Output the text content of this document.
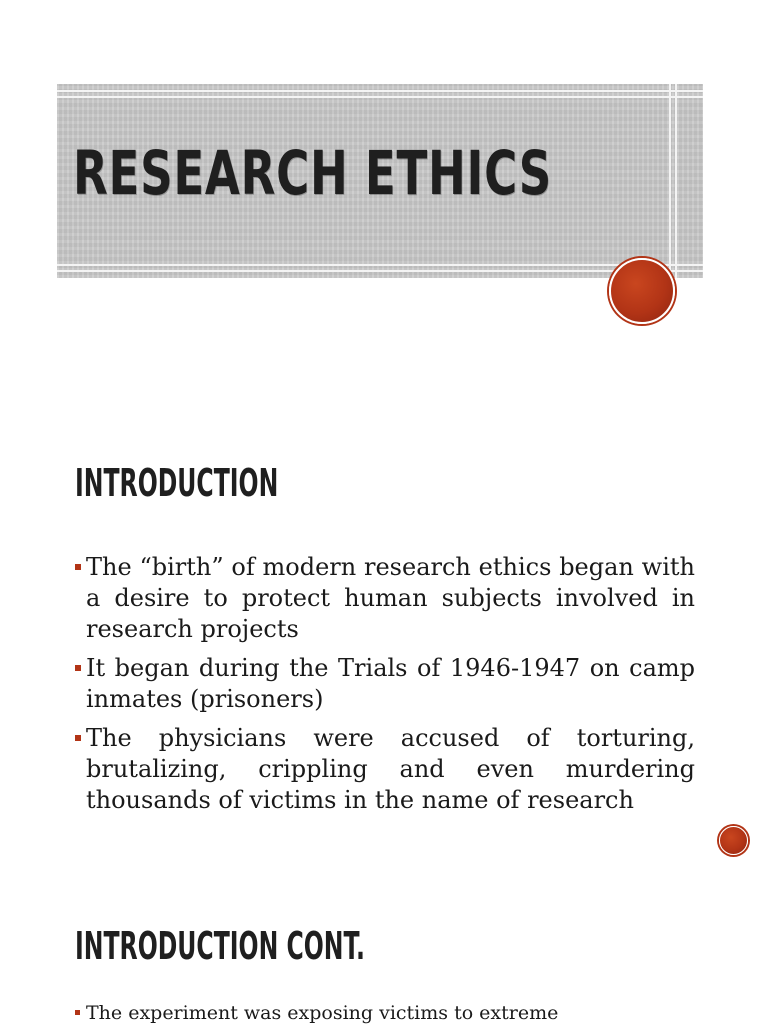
RESEARCH ETHICS
INTRODUCTION
The “birth” of modern research ethics began with a desire to protect human subjects involved in research projects
It began during the Trials of 1946-1947 on camp inmates (prisoners)
The physicians were accused of torturing, brutalizing, crippling and even murdering thousands of victims in the name of research
INTRODUCTION CONT.
The experiment was exposing victims to extreme
